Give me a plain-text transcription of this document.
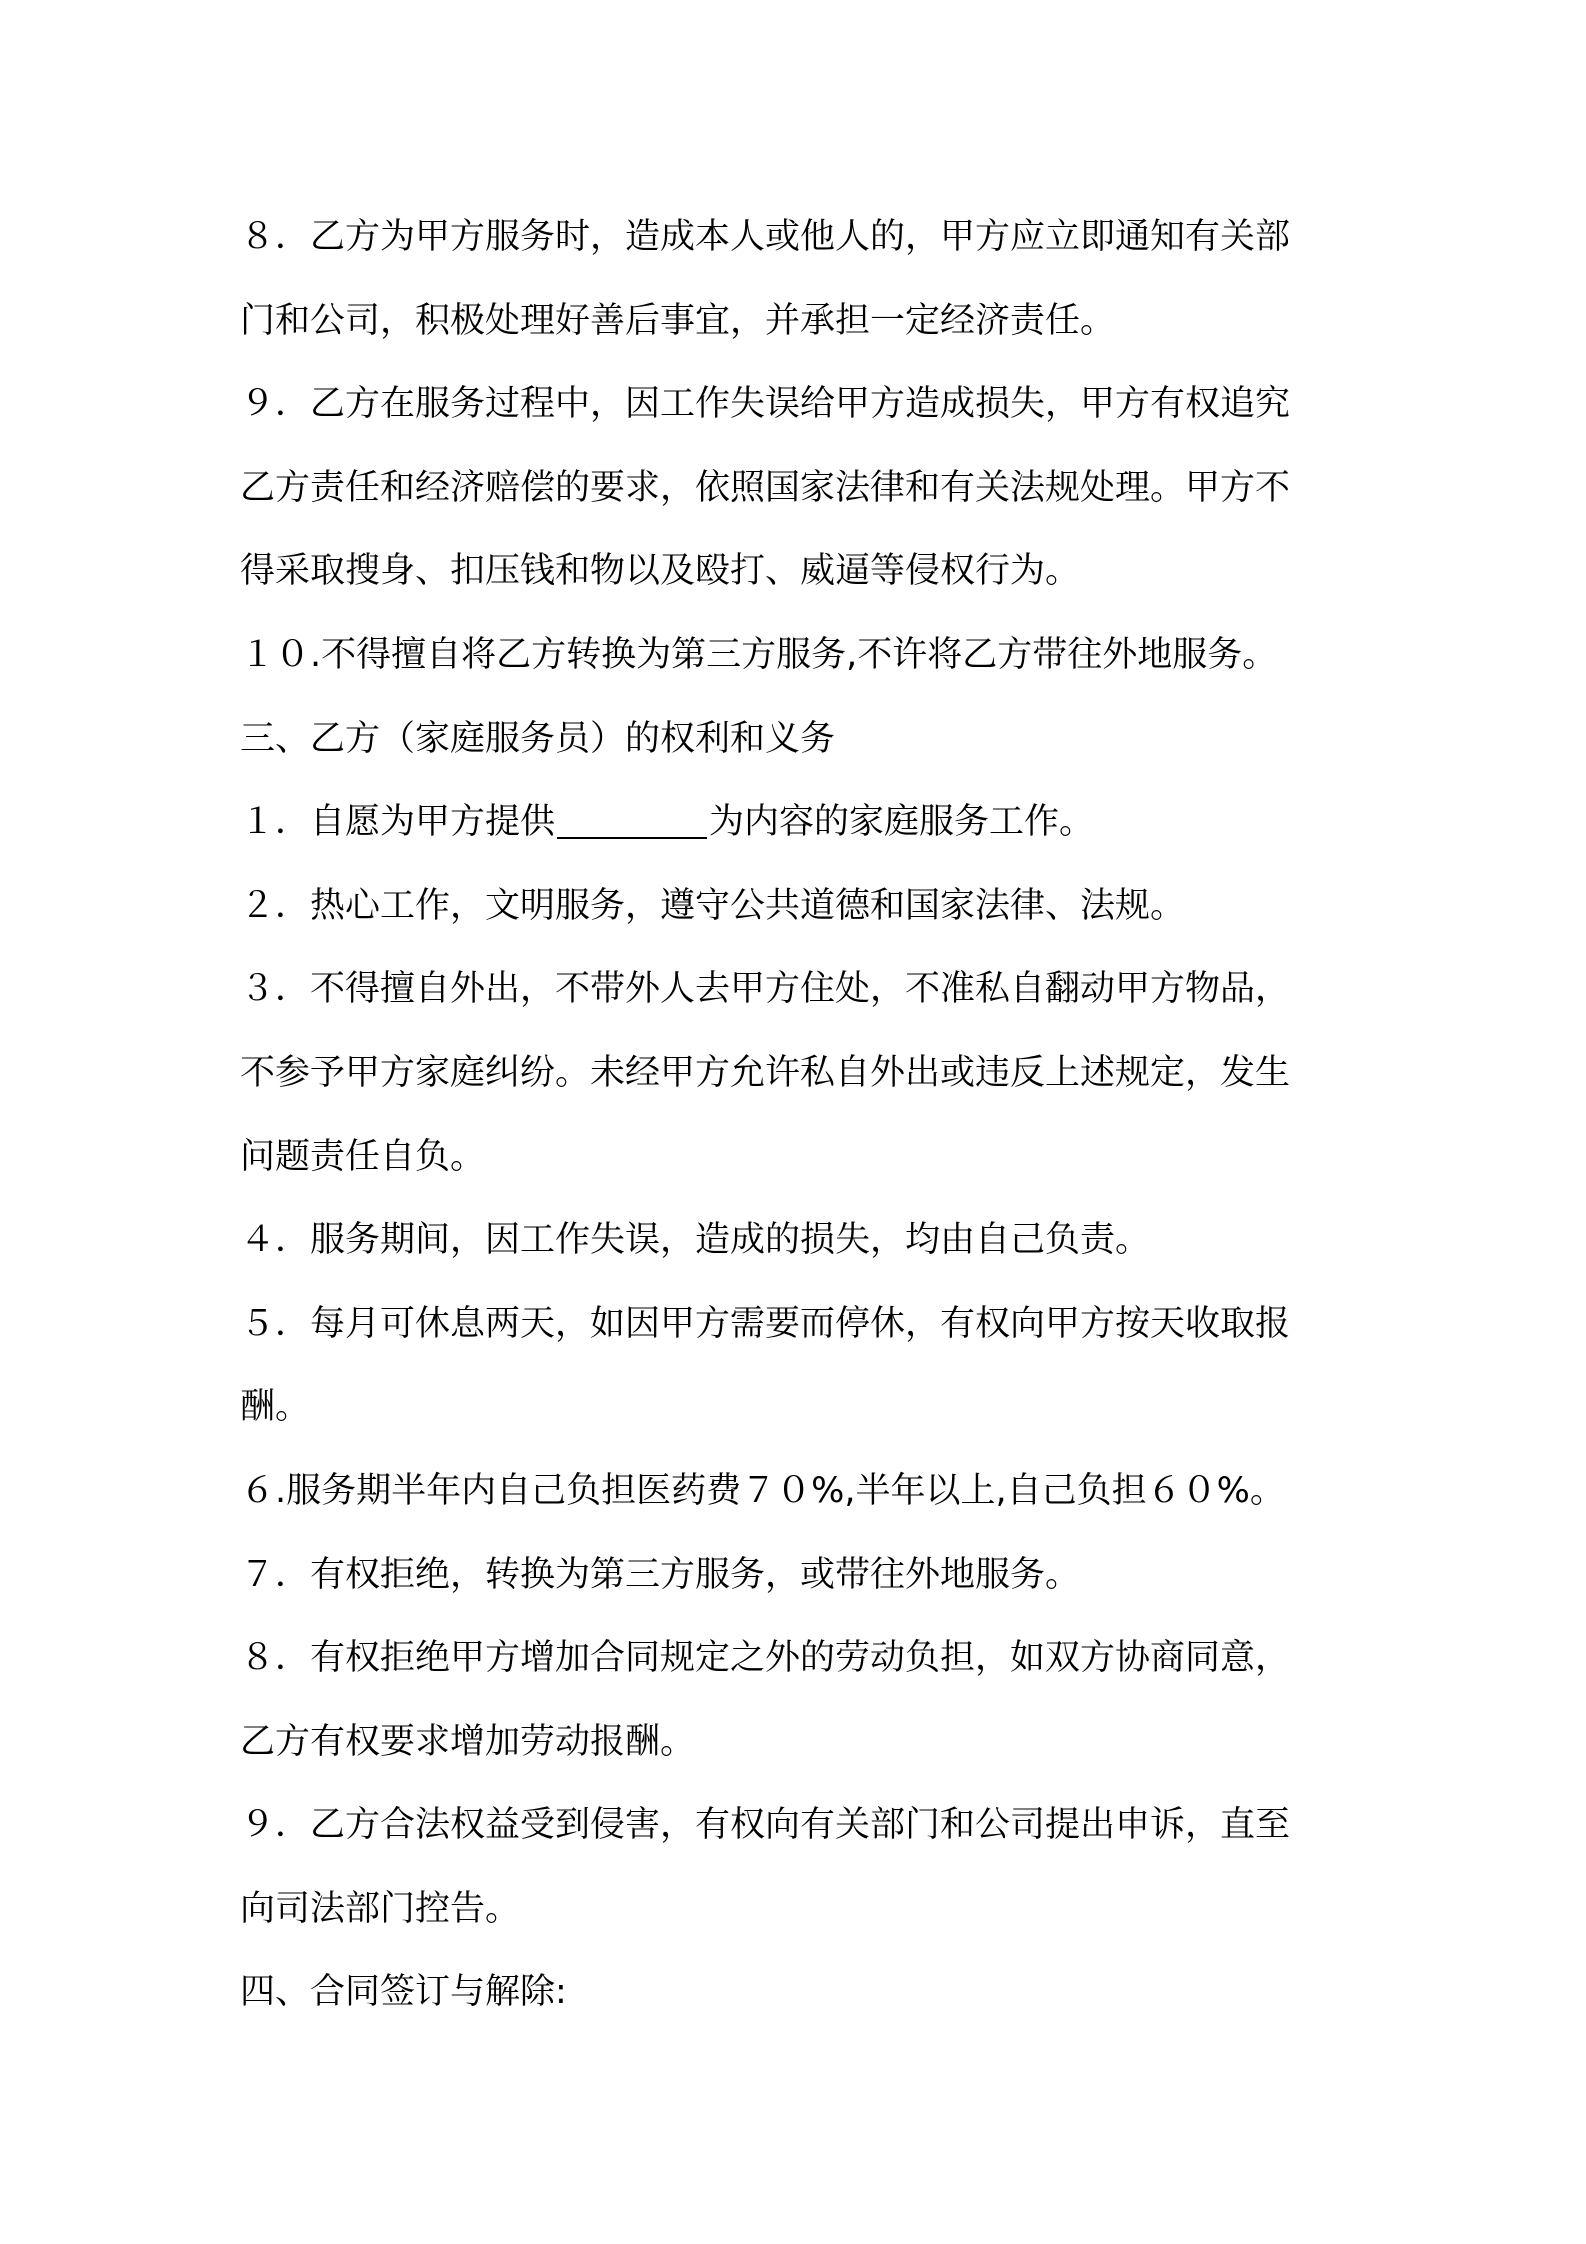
８．乙方为甲方服务时，造成本人或他人的，甲方应立即通知有关部
门和公司，积极处理好善后事宜，并承担一定经济责任。
９．乙方在服务过程中，因工作失误给甲方造成损失，甲方有权追究
乙方责任和经济赔偿的要求，依照国家法律和有关法规处理。甲方不
得采取搜身、扣压钱和物以及殴打、威逼等侵权行为。
１０.不得擅自将乙方转换为第三方服务,不许将乙方带往外地服务。
三、乙方（家庭服务员）的权利和义务
１．自愿为甲方提供	为内容的家庭服务工作。
２．热心工作，文明服务，遵守公共道德和国家法律、法规。
３．不得擅自外出，不带外人去甲方住处，不准私自翻动甲方物品，
不参予甲方家庭纠纷。未经甲方允许私自外出或违反上述规定，发生
问题责任自负。
４．服务期间，因工作失误，造成的损失，均由自己负责。
５．每月可休息两天，如因甲方需要而停休，有权向甲方按天收取报
酬。
６.服务期半年内自己负担医药费７０%,半年以上,自己负担６０%。
７．有权拒绝，转换为第三方服务，或带往外地服务。
８．有权拒绝甲方增加合同规定之外的劳动负担，如双方协商同意，
乙方有权要求增加劳动报酬。
９．乙方合法权益受到侵害，有权向有关部门和公司提出申诉，直至
向司法部门控告。
四、合同签订与解除:
